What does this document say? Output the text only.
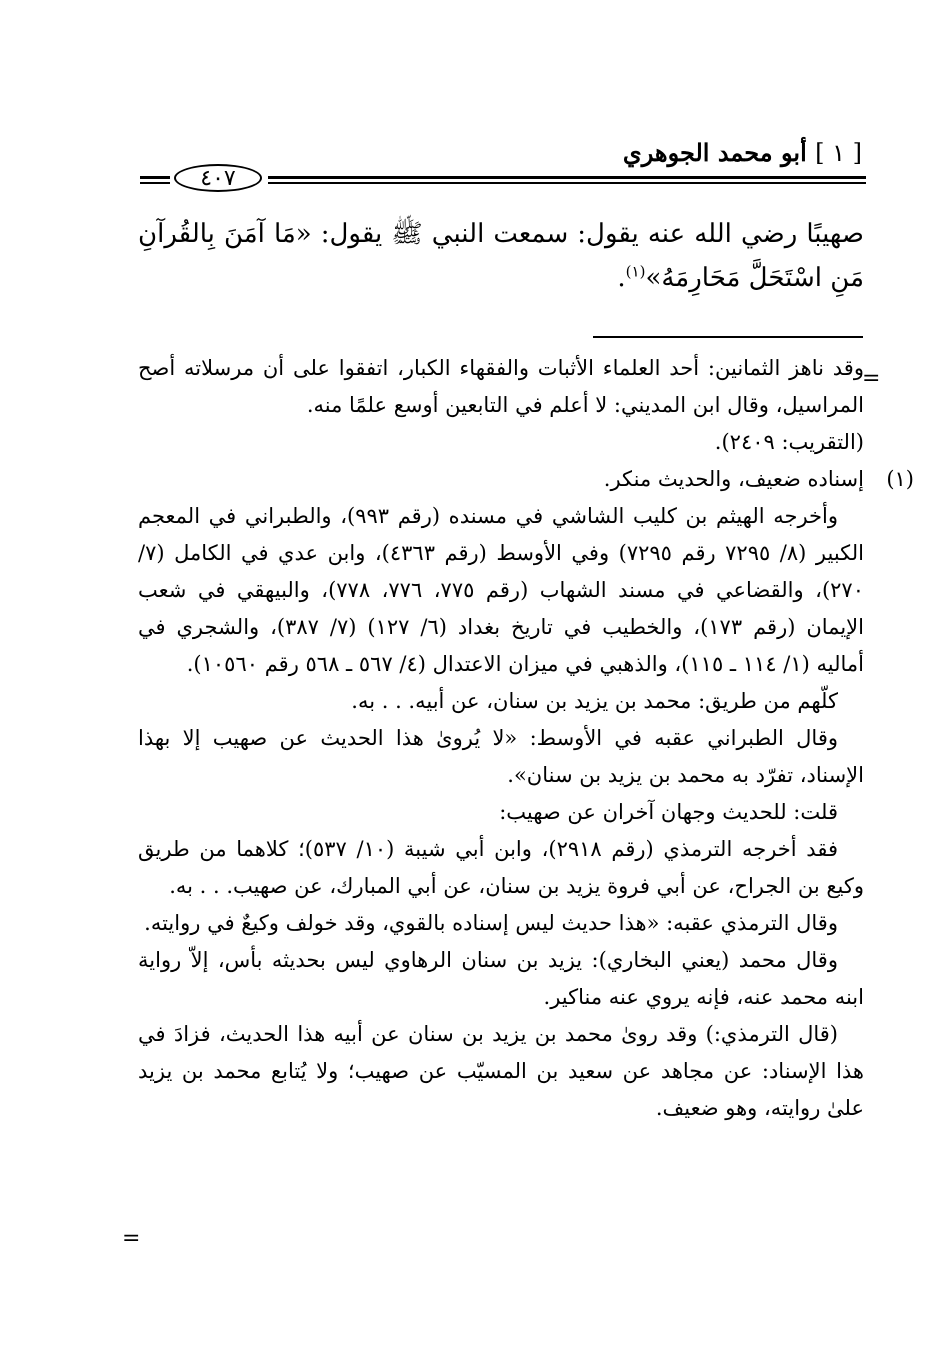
[ ١ ] أبو محمد الجوهري
٤٠٧

صهيبًا رضي الله عنه يقول: سمعت النبي ﷺ يقول: «مَا آمَنَ بِالقُرآنِ مَنِ اسْتَحَلَّ مَحَارِمَهُ»$^{(١)}$.

=

وقد ناهز الثمانين: أحد العلماء الأثبات والفقهاء الكبار، اتفقوا على أن مرسلاته أصح المراسيل، وقال ابن المديني: لا أعلم في التابعين أوسع علمًا منه.

(التقريب: ٢٤٠٩).

(١)
إسناده ضعيف، والحديث منكر.

وأخرجه الهيثم بن كليب الشاشي في مسنده (رقم ٩٩٣)، والطبراني في المعجم الكبير (٨/ ٧٢٩٥ رقم ٧٢٩٥) وفي الأوسط (رقم ٤٣٦٣)، وابن عدي في الكامل (٧/ ٢٧٠)، والقضاعي في مسند الشهاب (رقم ٧٧٥، ٧٧٦، ٧٧٨)، والبيهقي في شعب الإيمان (رقم ١٧٣)، والخطيب في تاريخ بغداد (٦/ ١٢٧) (٧/ ٣٨٧)، والشجري في أماليه (١/ ١١٤ ـ ١١٥)، والذهبي في ميزان الاعتدال (٤/ ٥٦٧ ـ ٥٦٨ رقم ١٠٥٦٠).

كلّهم من طريق: محمد بن يزيد بن سنان، عن أبيه. . . به.

وقال الطبراني عقبه في الأوسط: «لا يُروىٰ هذا الحديث عن صهيب إلا بهذا الإسناد، تفرّد به محمد بن يزيد بن سنان».

قلت: للحديث وجهان آخران عن صهيب:

فقد أخرجه الترمذي (رقم ٢٩١٨)، وابن أبي شيبة (١٠/ ٥٣٧)؛ كلاهما من طريق وكيع بن الجراح، عن أبي فروة يزيد بن سنان، عن أبي المبارك، عن صهيب. . . به.

وقال الترمذي عقبه: «هذا حديث ليس إسناده بالقوي، وقد خولف وكيعٌ في روايته.

وقال محمد (يعني البخاري): يزيد بن سنان الرهاوي ليس بحديثه بأس، إلاّ رواية ابنه محمد عنه، فإنه يروي عنه مناكير.

(قال الترمذي:) وقد روىٰ محمد بن يزيد بن سنان عن أبيه هذا الحديث، فزادَ في هذا الإسناد: عن مجاهد عن سعيد بن المسيّب عن صهيب؛ ولا يُتابع محمد بن يزيد علىٰ روايته، وهو ضعيف.

=
